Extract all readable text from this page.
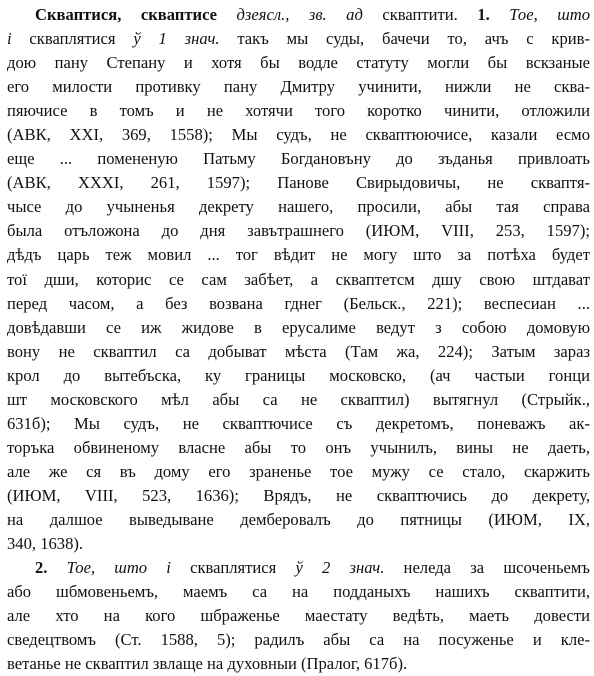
Скваптися, скваптисе дзеясл., зв. ад скваптити. 1. Тое, што
і скваплятися ў 1 знач. такъ мы суды, бачечи то, ачъ с крив-
дою пану Степану и хотя бы водле статуту могли бы вскзаные
его милости противку пану Дмитру учинити, нижли не сква-
пяючисе в томъ и не хотячи того коротко чинити, отложили
(АВК, XXI, 369, 1558); Мы судъ, не скваптюючисе, казали есмо
еще ... помененую Патьму Богдановъну до зъданья привлоать
(АВК, XXXI, 261, 1597); Панове Свирыдовичы, не скваптя-
чысе до учыненья декрету нашего, просили, абы тая справа
была отъложона до дня завътрашнего (ИЮМ, VIII, 253, 1597);
дѣдъ царь теж мовил ... тог вѣдит не могу што за потѣха будет
тої дши, которис се сам забѣет, а скваптетсм дшу свою штдават
перед часом, а без возвана гднег (Бельск., 221); веспесиан ...
довѣдавши се иж жидове в ерусалиме ведут з собою домовую
вону не скваптил са добыват мѣста (Там жа, 224); Затым зараз
крол до вытебъска, ку границы московско, (ач частыи гонци
шт московского мѣл абы са не скваптил) вытягнул (Стрыйк.,
631б); Мы судъ, не скваптючисе съ декретомъ, поневажъ ак-
торъка обвиненому власне абы то онъ учынилъ, вины не даеть,
але же ся въ дому его зраненье тое мужу се стало, скаржить
(ИЮМ, VIII, 523, 1636); Врядъ, не скваптючись до декрету,
на далшое выведыване демберовалъ до пятницы (ИЮМ, IX,
340, 1638).
2. Тое, што і скваплятися ў 2 знач. неледа за шсоченьемъ
або шбмовеньемъ, маемъ са на подданыхъ нашихъ скваптити,
але хто на кого шбраженье маестату ведѣть, маеть довести
сведецтвомъ (Ст. 1588, 5); радилъ абы са на посуженье и кле-
ветанье не скваптил звлаще на духовныи (Пралог, 617б).
